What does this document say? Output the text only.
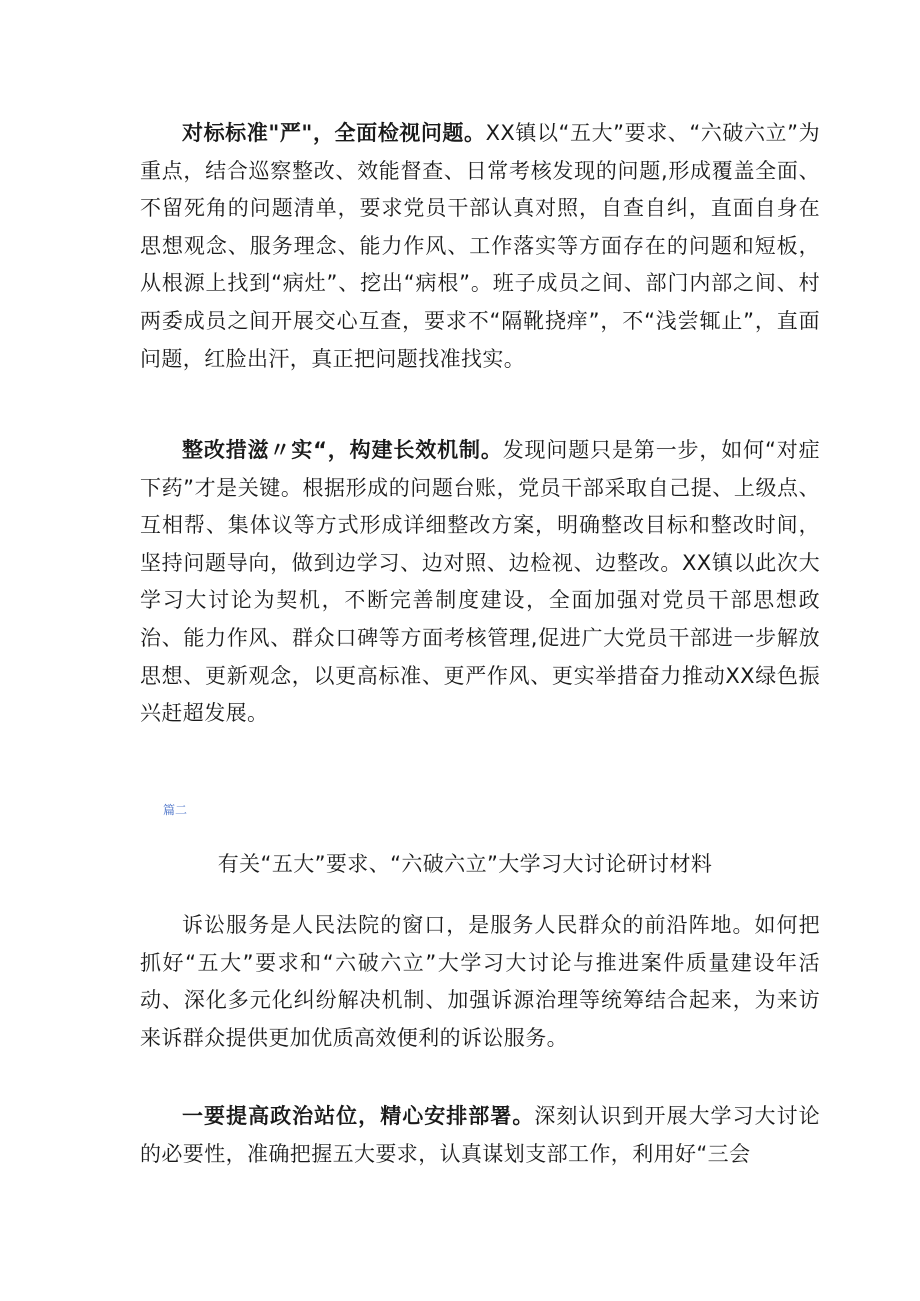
对标标准"严"，全面检视问题。XX镇以“五大”要求、“六破六立”为重点，结合巡察整改、效能督查、日常考核发现的问题,形成覆盖全面、不留死角的问题清单，要求党员干部认真对照，自查自纠，直面自身在思想观念、服务理念、能力作风、工作落实等方面存在的问题和短板，从根源上找到“病灶”、挖出“病根”。班子成员之间、部门内部之间、村两委成员之间开展交心互查，要求不“隔靴挠痒”，不“浅尝辄止”，直面问题，红脸出汗，真正把问题找准找实。

整改措滋〃实“，构建长效机制。发现问题只是第一步，如何“对症下药”才是关键。根据形成的问题台账，党员干部采取自己提、上级点、互相帮、集体议等方式形成详细整改方案，明确整改目标和整改时间，坚持问题导向，做到边学习、边对照、边检视、边整改。XX镇以此次大学习大讨论为契机，不断完善制度建设，全面加强对党员干部思想政治、能力作风、群众口碑等方面考核管理,促进广大党员干部进一步解放思想、更新观念，以更高标准、更严作风、更实举措奋力推动XX绿色振兴赶超发展。

篇二

有关“五大”要求、“六破六立”大学习大讨论研讨材料

诉讼服务是人民法院的窗口，是服务人民群众的前沿阵地。如何把抓好“五大”要求和“六破六立”大学习大讨论与推进案件质量建设年活动、深化多元化纠纷解决机制、加强诉源治理等统筹结合起来，为来访来诉群众提供更加优质高效便利的诉讼服务。

一要提高政治站位，精心安排部署。深刻认识到开展大学习大讨论的必要性，准确把握五大要求，认真谋划支部工作，利用好“三会
